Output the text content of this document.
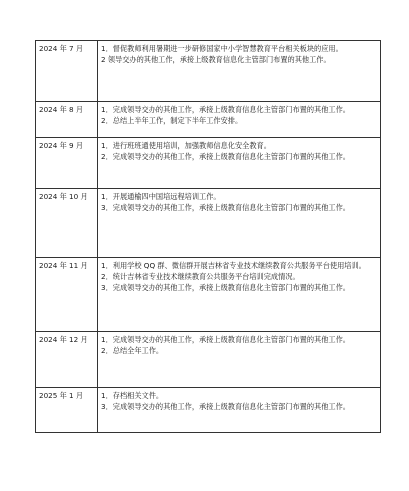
2024 年 7 月	1．督促教师利用暑期进一步研修国家中小学智慧教育平台相关板块的应用。
2 领导交办的其他工作，承接上级教育信息化主管部门布置的其他工作。

2024 年 8 月	1．完成领导交办的其他工作，承接上级教育信息化主管部门布置的其他工作。
2．总结上半年工作，制定下半年工作安排。

2024 年 9 月	1．进行班班通使用培训，加强教师信息化安全教育。
2．完成领导交办的其他工作，承接上级教育信息化主管部门布置的其他工作。

2024 年 10 月	1．开展通榆四中国培远程培训工作。
3．完成领导交办的其他工作，承接上级教育信息化主管部门布置的其他工作。

2024 年 11 月	1．利用学校 QQ 群、微信群开展吉林省专业技术继续教育公共服务平台使用培训。
2．统计吉林省专业技术继续教育公共服务平台培训完成情况。
3．完成领导交办的其他工作，承接上级教育信息化主管部门布置的其他工作。

2024 年 12 月	1．完成领导交办的其他工作，承接上级教育信息化主管部门布置的其他工作。
2．总结全年工作。

2025 年 1 月	1．存档相关文件。
3．完成领导交办的其他工作，承接上级教育信息化主管部门布置的其他工作。
